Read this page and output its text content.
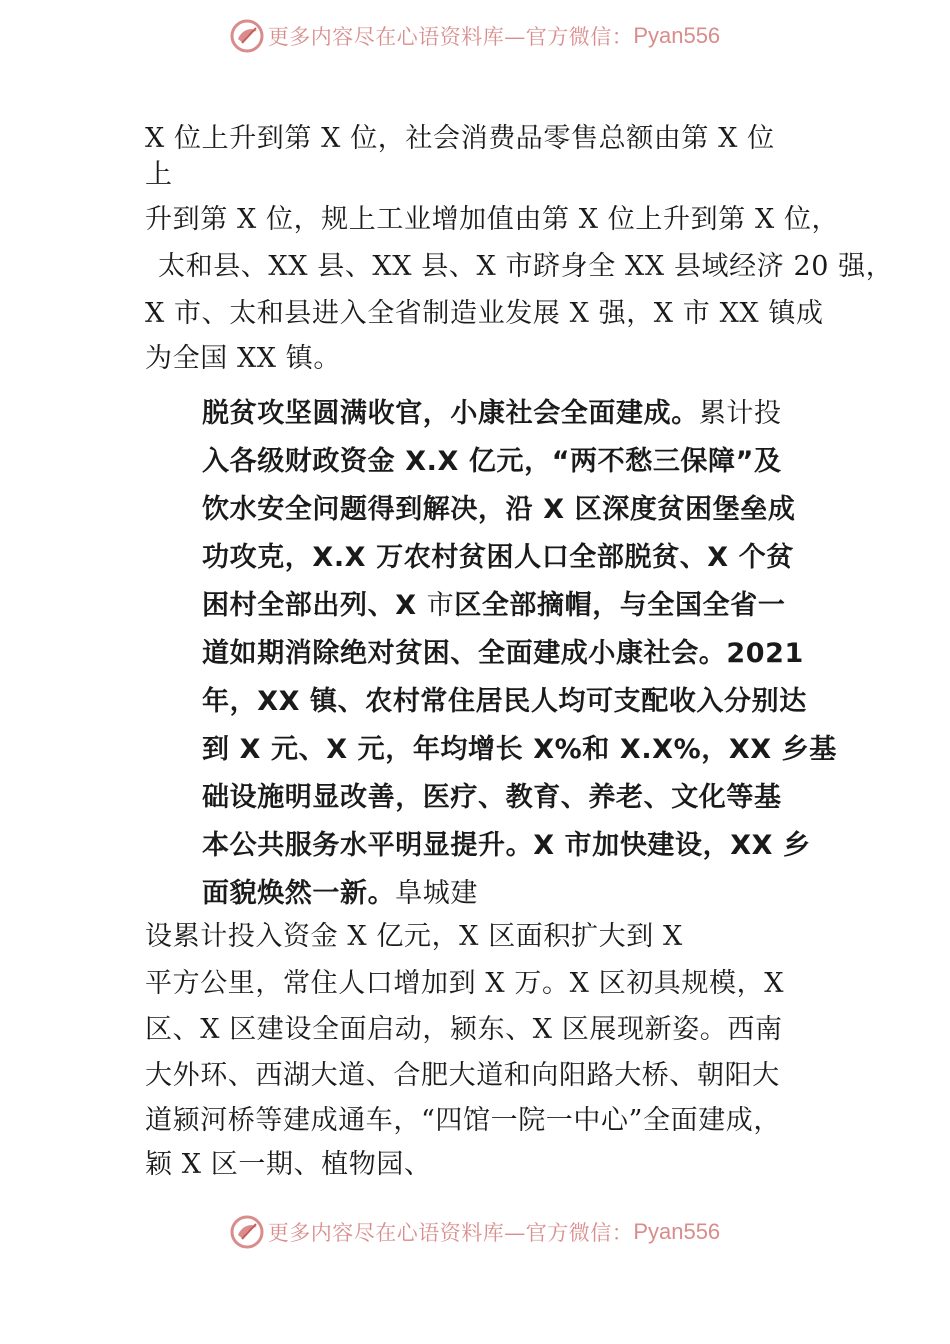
更多内容尽在心语资料库—官方微信： Pyan556
X 位上升到第 X 位，社会消费品零售总额由第 X 位
上
升到第 X 位，规上工业增加值由第 X 位上升到第 X 位，
太和县、XX 县、XX 县、X 市跻身全 XX 县域经济 20 强，
X 市、太和县进入全省制造业发展 X 强，X 市 XX 镇成
为全国 XX 镇。
脱贫攻坚圆满收官，小康社会全面建成。累计投
入各级财政资金 X.X 亿元，“两不愁三保障”及
饮水安全问题得到解决，沿 X 区深度贫困堡垒成
功攻克，X.X 万农村贫困人口全部脱贫、X 个贫
困村全部出列、X 市区全部摘帽，与全国全省一
道如期消除绝对贫困、全面建成小康社会。2021
年，XX 镇、农村常住居民人均可支配收入分别达
到 X 元、X 元，年均增长 X%和 X.X%，XX 乡基
础设施明显改善，医疗、教育、养老、文化等基
本公共服务水平明显提升。X 市加快建设，XX 乡
面貌焕然一新。阜城建
设累计投入资金 X 亿元，X 区面积扩大到 X
平方公里，常住人口增加到 X 万。X 区初具规模，X
区、X 区建设全面启动，颍东、X 区展现新姿。西南
大外环、西湖大道、合肥大道和向阳路大桥、朝阳大
道颍河桥等建成通车，“四馆一院一中心”全面建成，
颖 X 区一期、植物园、
更多内容尽在心语资料库—官方微信： Pyan556
